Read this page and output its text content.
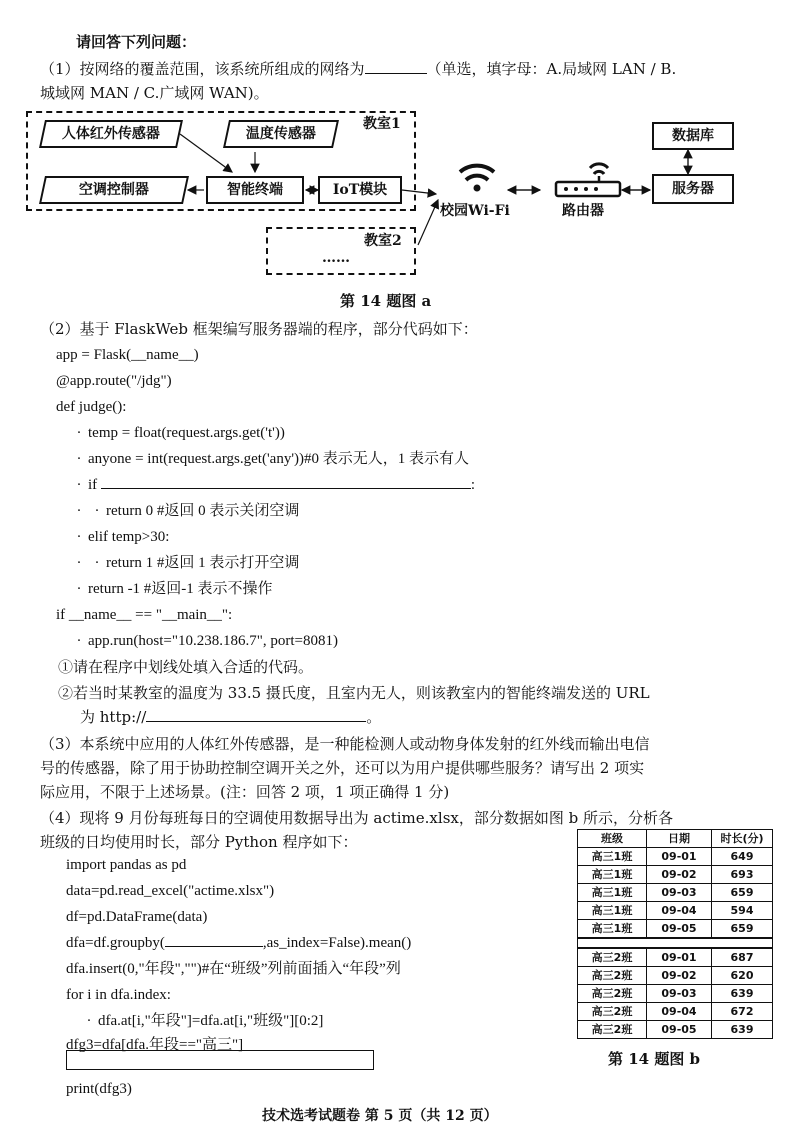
请回答下列问题：
（1）按网络的覆盖范围，该系统所组成的网络为	（单选，填字母：A.局域网 LAN / B.
城域网 MAN / C.广域网 WAN)。
教室1
教室2
……
人体红外传感器	温度传感器
空调控制器	智能终端	IoT模块
校园Wi-Fi	路由器
数据库
服务器
第 14 题图 a
（2）基于 FlaskWeb 框架编写服务器端的程序，部分代码如下：
app = Flask(__name__)
@app.route("/jdg")
def judge():
· temp = float(request.args.get('t'))
· anyone = int(request.args.get('any'))#0 表示无人，1 表示有人
· if	:
· · return 0 #返回 0 表示关闭空调
· elif temp>30:
· · return 1 #返回 1 表示打开空调
· return -1 #返回-1 表示不操作
if __name__ == "__main__":
· app.run(host="10.238.186.7", port=8081)
①请在程序中划线处填入合适的代码。
②若当时某教室的温度为 33.5 摄氏度，且室内无人，则该教室内的智能终端发送的 URL
为 http://	。
（3）本系统中应用的人体红外传感器，是一种能检测人或动物身体发射的红外线而输出电信
号的传感器，除了用于协助控制空调开关之外，还可以为用户提供哪些服务？请写出 2 项实
际应用，不限于上述场景。(注：回答 2 项，1 项正确得 1 分)
（4）现将 9 月份每班每日的空调使用数据导出为 actime.xlsx，部分数据如图 b 所示，分析各
班级的日均使用时长，部分 Python 程序如下：
import pandas as pd
data=pd.read_excel("actime.xlsx")
df=pd.DataFrame(data)
dfa=df.groupby(	,as_index=False).mean()
dfa.insert(0,"年段","")#在“班级”列前面插入“年段”列
for i in dfa.index:
· dfa.at[i,"年段"]=dfa.at[i,"班级"][0:2]
dfg3=dfa[dfa.年段=="高三"]
print(dfg3)
班级	日期	时长(分)
高三1班	09-01	649
高三1班	09-02	693
高三1班	09-03	659
高三1班	09-04	594
高三1班	09-05	659

高三2班	09-01	687
高三2班	09-02	620
高三2班	09-03	639
高三2班	09-04	672
高三2班	09-05	639
第 14 题图 b
技术选考试题卷 第 5 页（共 12 页）
